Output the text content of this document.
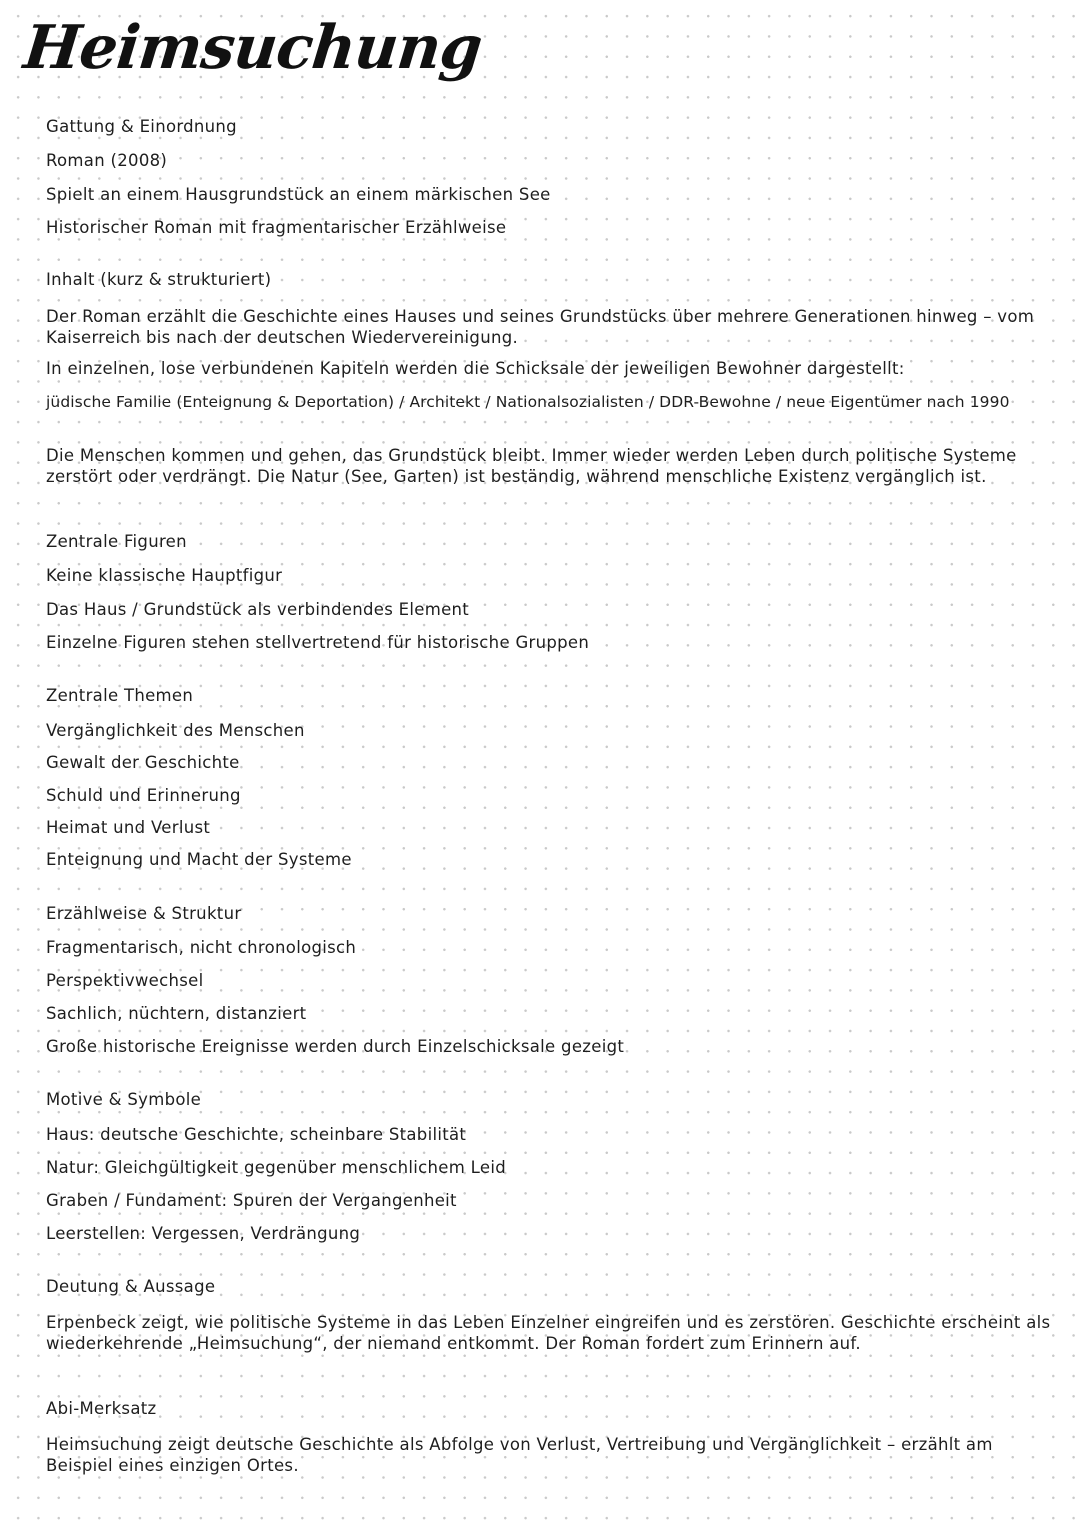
Heimsuchung

Gattung & Einordnung

Roman (2008)

Spielt an einem Hausgrundstück an einem märkischen See

Historischer Roman mit fragmentarischer Erzählweise

Inhalt (kurz & strukturiert)

Der Roman erzählt die Geschichte eines Hauses und seines Grundstücks über mehrere Generationen hinweg – vom Kaiserreich bis nach der deutschen Wiedervereinigung.

In einzelnen, lose verbundenen Kapiteln werden die Schicksale der jeweiligen Bewohner dargestellt:

jüdische Familie (Enteignung & Deportation) / Architekt / Nationalsozialisten / DDR-Bewohne / neue Eigentümer nach 1990

Die Menschen kommen und gehen, das Grundstück bleibt. Immer wieder werden Leben durch politische Systeme zerstört oder verdrängt. Die Natur (See, Garten) ist beständig, während menschliche Existenz vergänglich ist.

Zentrale Figuren

Keine klassische Hauptfigur

Das Haus / Grundstück als verbindendes Element

Einzelne Figuren stehen stellvertretend für historische Gruppen

Zentrale Themen

Vergänglichkeit des Menschen

Gewalt der Geschichte

Schuld und Erinnerung

Heimat und Verlust

Enteignung und Macht der Systeme

Erzählweise & Struktur

Fragmentarisch, nicht chronologisch

Perspektivwechsel

Sachlich, nüchtern, distanziert

Große historische Ereignisse werden durch Einzelschicksale gezeigt

Motive & Symbole

Haus: deutsche Geschichte, scheinbare Stabilität

Natur: Gleichgültigkeit gegenüber menschlichem Leid

Graben / Fundament: Spuren der Vergangenheit

Leerstellen: Vergessen, Verdrängung

Deutung & Aussage

Erpenbeck zeigt, wie politische Systeme in das Leben Einzelner eingreifen und es zerstören. Geschichte erscheint als wiederkehrende „Heimsuchung“, der niemand entkommt. Der Roman fordert zum Erinnern auf.

Abi-Merksatz

Heimsuchung zeigt deutsche Geschichte als Abfolge von Verlust, Vertreibung und Vergänglichkeit – erzählt am Beispiel eines einzigen Ortes.
